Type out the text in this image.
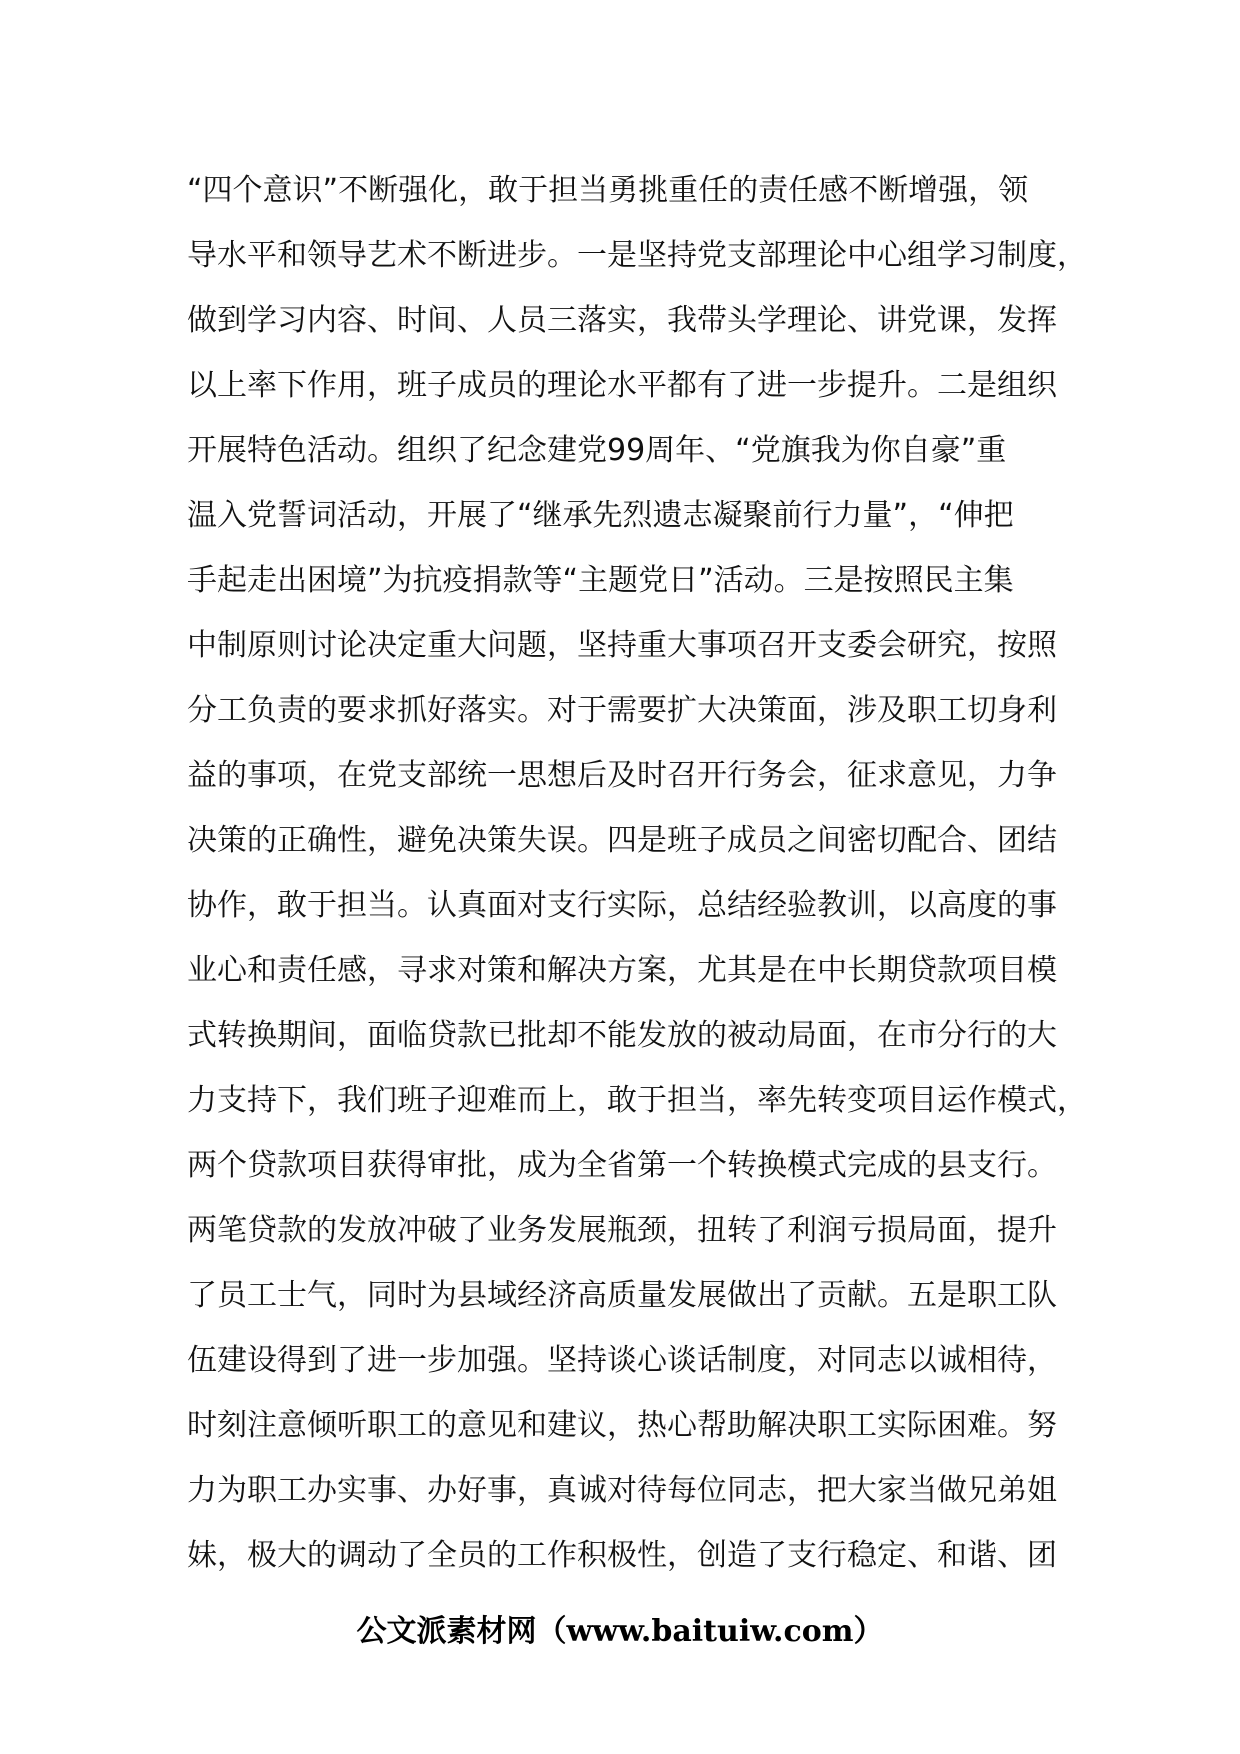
“四个意识”不断强化，敢于担当勇挑重任的责任感不断增强，领
导水平和领导艺术不断进步。一是坚持党支部理论中心组学习制度，
做到学习内容、时间、人员三落实，我带头学理论、讲党课，发挥
以上率下作用，班子成员的理论水平都有了进一步提升。二是组织
开展特色活动。组织了纪念建党99周年、“党旗我为你自豪”重
温入党誓词活动，开展了“继承先烈遗志凝聚前行力量”，“伸把
手起走出困境”为抗疫捐款等“主题党日”活动。三是按照民主集
中制原则讨论决定重大问题，坚持重大事项召开支委会研究，按照
分工负责的要求抓好落实。对于需要扩大决策面，涉及职工切身利
益的事项，在党支部统一思想后及时召开行务会，征求意见，力争
决策的正确性，避免决策失误。四是班子成员之间密切配合、团结
协作，敢于担当。认真面对支行实际，总结经验教训，以高度的事
业心和责任感，寻求对策和解决方案，尤其是在中长期贷款项目模
式转换期间，面临贷款已批却不能发放的被动局面，在市分行的大
力支持下，我们班子迎难而上，敢于担当，率先转变项目运作模式，
两个贷款项目获得审批，成为全省第一个转换模式完成的县支行。
两笔贷款的发放冲破了业务发展瓶颈，扭转了利润亏损局面，提升
了员工士气，同时为县域经济高质量发展做出了贡献。五是职工队
伍建设得到了进一步加强。坚持谈心谈话制度，对同志以诚相待，
时刻注意倾听职工的意见和建议，热心帮助解决职工实际困难。努
力为职工办实事、办好事，真诚对待每位同志，把大家当做兄弟姐
妹，极大的调动了全员的工作积极性，创造了支行稳定、和谐、团
公文派素材网（www.baituiw.com）
